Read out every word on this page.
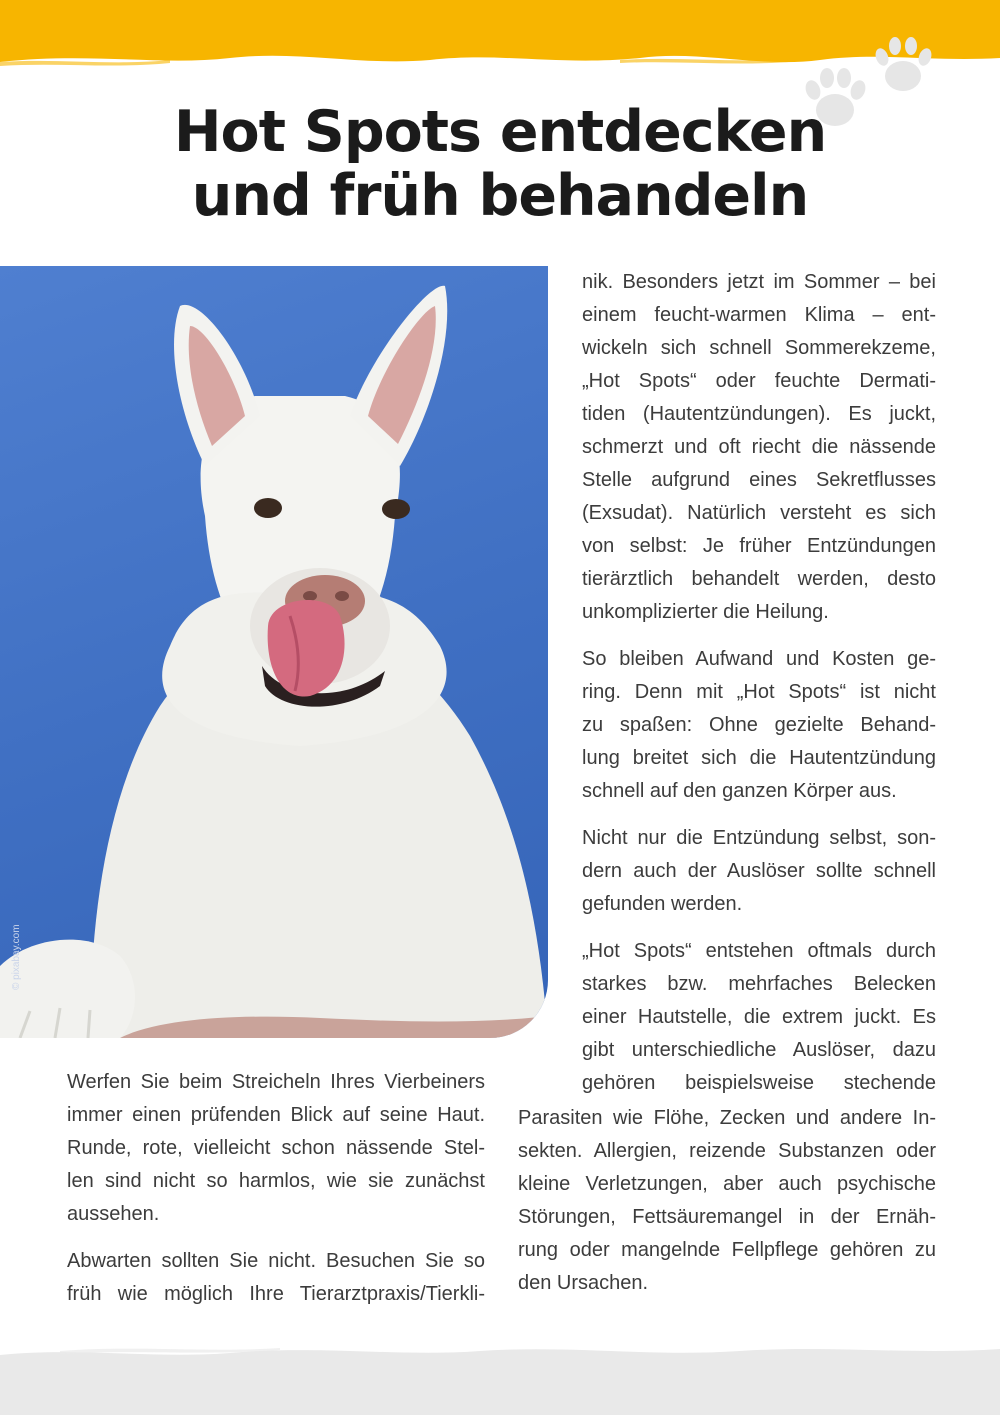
Hot Spots entdecken
und früh behandeln
© pixabay.com
nik. Besonders jetzt im Sommer – bei
einem feucht-warmen Klima – ent-
wickeln sich schnell Sommerekzeme,
„Hot Spots“ oder feuchte Dermati-
tiden (Hautentzündungen). Es juckt,
schmerzt und oft riecht die nässende
Stelle aufgrund eines Sekretflusses
(Exsudat). Natürlich versteht es sich
von selbst: Je früher Entzündungen
tierärztlich behandelt werden, desto
unkomplizierter die Heilung.
So bleiben Aufwand und Kosten ge-
ring. Denn mit „Hot Spots“ ist nicht
zu spaßen: Ohne gezielte Behand-
lung breitet sich die Hautentzündung
schnell auf den ganzen Körper aus.
Nicht nur die Entzündung selbst, son-
dern auch der Auslöser sollte schnell
gefunden werden.
„Hot Spots“ entstehen oftmals durch
starkes bzw. mehrfaches Belecken
einer Hautstelle, die extrem juckt. Es
gibt unterschiedliche Auslöser, dazu
gehören beispielsweise stechende
Parasiten wie Flöhe, Zecken und andere In-
sekten. Allergien, reizende Substanzen oder
kleine Verletzungen, aber auch psychische
Störungen, Fettsäuremangel in der Ernäh-
rung oder mangelnde Fellpflege gehören zu
den Ursachen.
Werfen Sie beim Streicheln Ihres Vierbeiners
immer einen prüfenden Blick auf seine Haut.
Runde, rote, vielleicht schon nässende Stel-
len sind nicht so harmlos, wie sie zunächst
aussehen.
Abwarten sollten Sie nicht. Besuchen Sie so
früh wie möglich Ihre Tierarztpraxis/Tierkli-
